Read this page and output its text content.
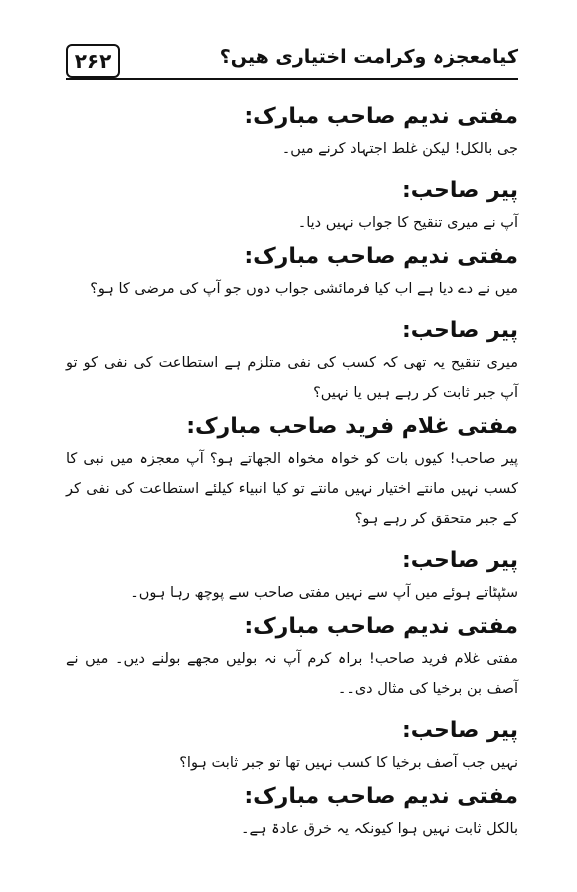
۲۶۲	کیامعجزہ وکرامت اختیاری ھیں؟
مفتی ندیم صاحب مبارک:
جی بالکل! لیکن غلط اجتہاد کرنے میں۔
پیر صاحب:
آپ نے میری تنقیح کا جواب نہیں دیا۔
مفتی ندیم صاحب مبارک:
میں نے دے دیا ہے اب کیا فرمائشی جواب دوں جو آپ کی مرضی کا ہو؟
پیر صاحب:
میری تنقیح یہ تھی کہ کسب کی نفی متلزم ہے استطاعت کی نفی کو تو آپ جبر ثابت کر رہے ہیں یا نہیں؟
مفتی غلام فرید صاحب مبارک:
پیر صاحب! کیوں بات کو خواہ مخواہ الجھاتے ہو؟ آپ معجزہ میں نبی کا کسب نہیں مانتے اختیار نہیں مانتے تو کیا انبیاء کیلئے استطاعت کی نفی کر کے جبر متحقق کر رہے ہو؟
پیر صاحب:
سٹپٹاتے ہوئے میں آپ سے نہیں مفتی صاحب سے پوچھ رہا ہوں۔
مفتی ندیم صاحب مبارک:
مفتی غلام فرید صاحب! براہ کرم آپ نہ بولیں مجھے بولنے دیں۔ میں نے آصف بن برخیا کی مثال دی۔۔
پیر صاحب:
نہیں جب آصف برخیا کا کسب نہیں تھا تو جبر ثابت ہوا؟
مفتی ندیم صاحب مبارک:
بالکل ثابت نہیں ہوا کیونکہ یہ خرق عادۃ ہے۔
